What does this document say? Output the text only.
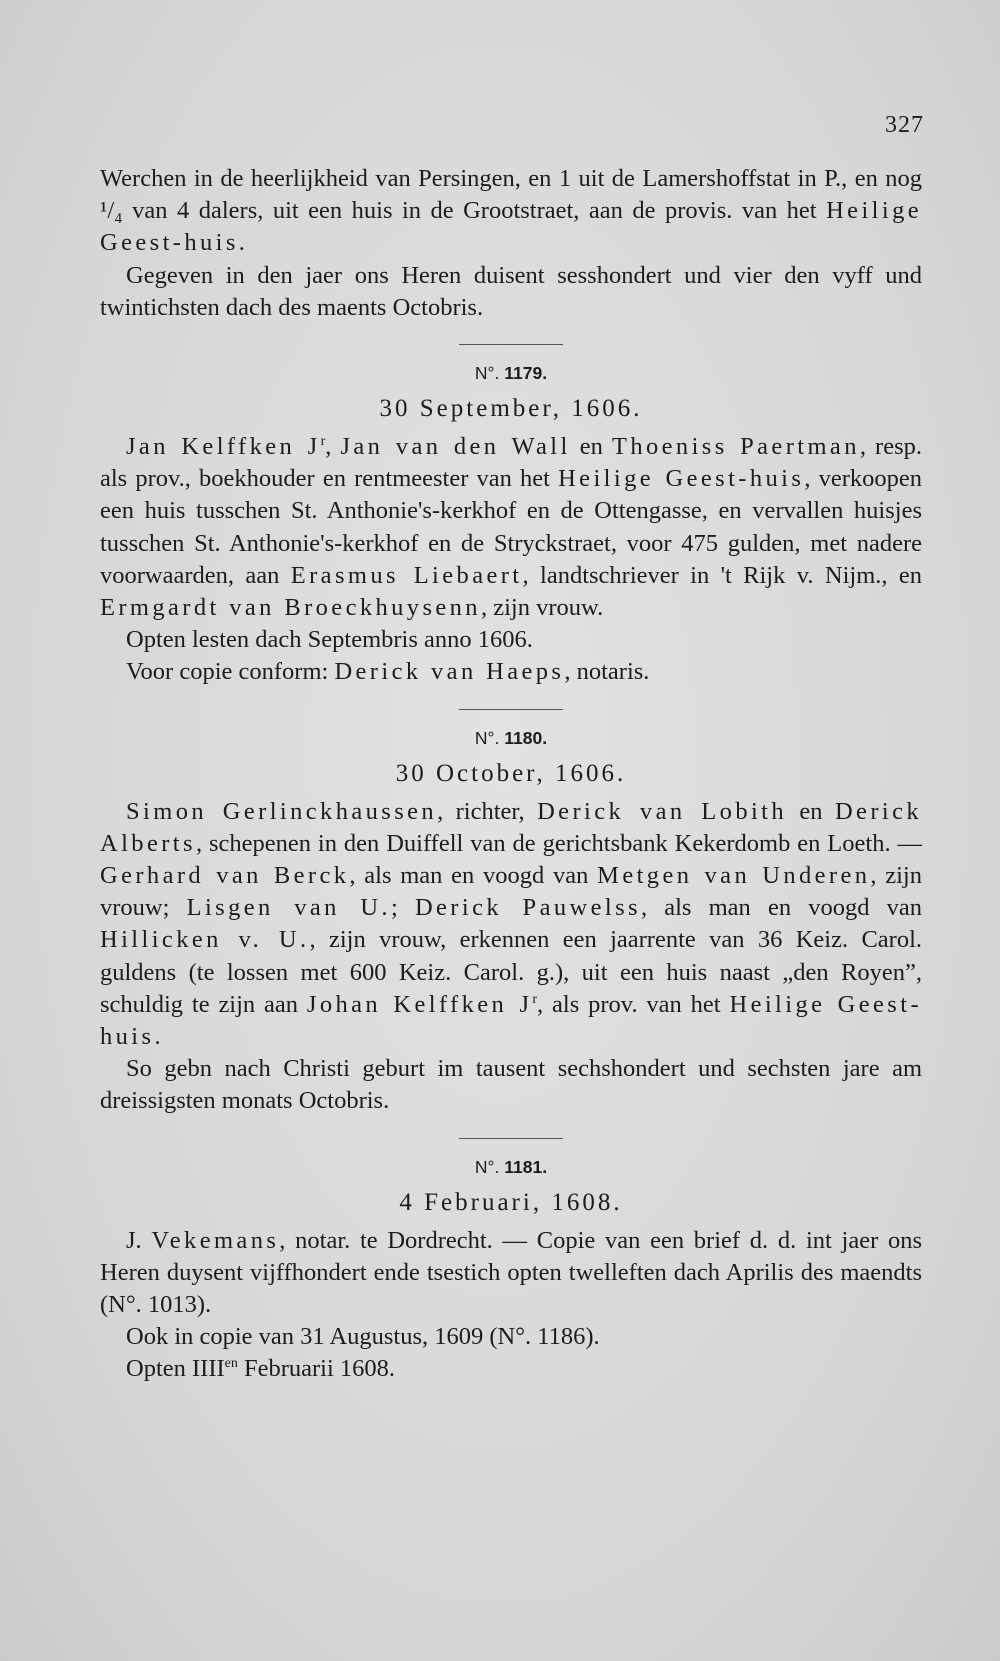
327

Werchen in de heerlijkheid van Persingen, en 1 uit de Lamershoffstat in P., en nog ¹/₄ van 4 dalers, uit een huis in de Grootstraet, aan de provis. van het Heilige Geest-huis.

Gegeven in den jaer ons Heren duisent sesshondert und vier den vyff und twintichsten dach des maents Octobris.

N°. 1179.
30 September, 1606.

Jan Kelffken $J^r$, Jan van den Wall en Thoeniss Paertman, resp. als prov., boekhouder en rentmeester van het Heilige Geest-huis, verkoopen een huis tusschen St. Anthonie's-kerkhof en de Ottengasse, en vervallen huisjes tusschen St. Anthonie's-kerkhof en de Stryckstraet, voor 475 gulden, met nadere voorwaarden, aan Erasmus Liebaert, landtschriever in 't Rijk v. Nijm., en Ermgardt van Broeckhuysenn, zijn vrouw.

Opten lesten dach Septembris anno 1606.

Voor copie conform: Derick van Haeps, notaris.

N°. 1180.
30 October, 1606.

Simon Gerlinckhaussen, richter, Derick van Lobith en Derick Alberts, schepenen in den Duiffell van de gerichtsbank Kekerdomb en Loeth. — Gerhard van Berck, als man en voogd van Metgen van Underen, zijn vrouw; Lisgen van U.; Derick Pauwelss, als man en voogd van Hillicken v. U., zijn vrouw, erkennen een jaarrente van 36 Keiz. Carol. guldens (te lossen met 600 Keiz. Carol. g.), uit een huis naast „den Royen”, schuldig te zijn aan Johan Kelffken $J^r$, als prov. van het Heilige Geest-huis.

So gebn nach Christi geburt im tausent sechshondert und sechsten jare am dreissigsten monats Octobris.

N°. 1181.
4 Februari, 1608.

J. Vekemans, notar. te Dordrecht. — Copie van een brief d. d. int jaer ons Heren duysent vijffhondert ende tsestich opten twelleften dach Aprilis des maendts (N°. 1013).

Ook in copie van 31 Augustus, 1609 (N°. 1186).

Opten $IIII^{en}$ Februarii 1608.
